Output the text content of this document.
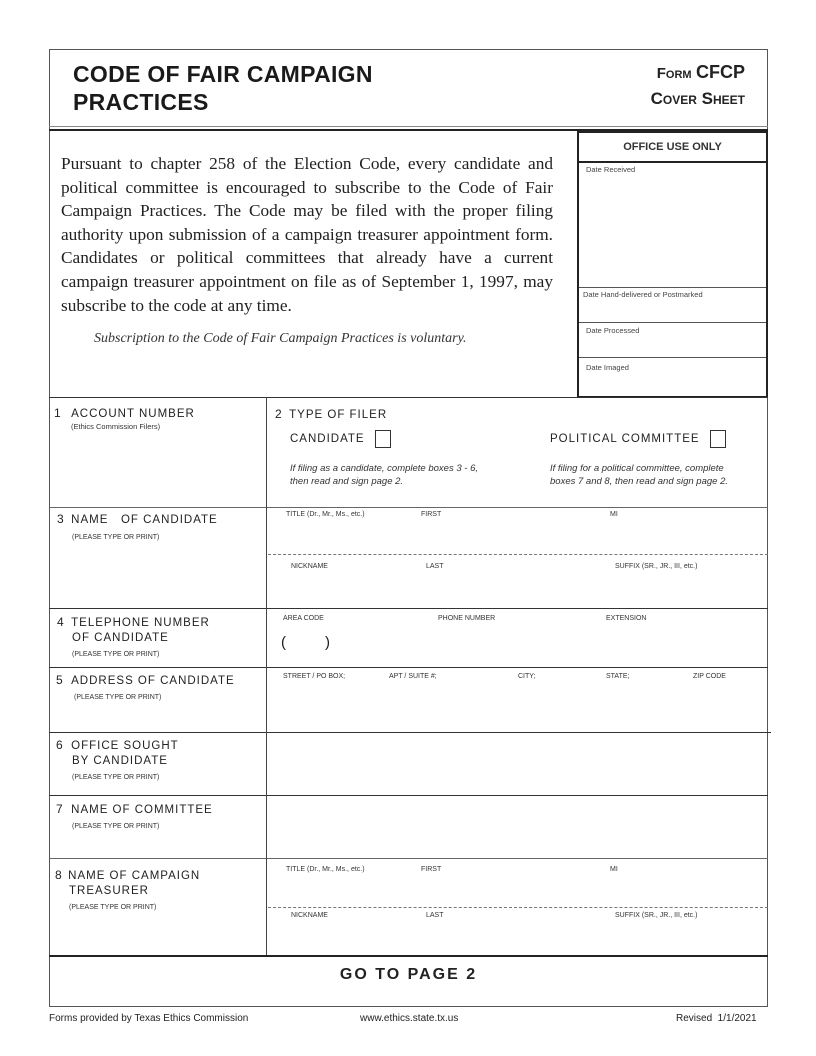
CODE OF FAIR CAMPAIGN
PRACTICES
Form CFCP
Cover Sheet
Pursuant to chapter 258 of the Election Code, every candidate and political committee is encouraged to subscribe to the Code of Fair Campaign Practices. The Code may be filed with the proper filing authority upon submission of a campaign treasurer appointment form. Candidates or political committees that already have a current campaign treasurer appointment on file as of September 1, 1997, may subscribe to the code at any time.
Subscription to the Code of Fair Campaign Practices is voluntary.
OFFICE USE ONLY
Date Received
Date Hand-delivered or Postmarked
Date Processed
Date Imaged
1 ACCOUNT NUMBER
(Ethics Commission Filers)
2 TYPE OF FILER
CANDIDATE	POLITICAL COMMITTEE
If filing as a candidate, complete boxes 3 - 6,
then read and sign page 2.
If filing for a political committee, complete
boxes 7 and 8, then read and sign page 2.
3 NAME   OF CANDIDATE
(PLEASE TYPE OR PRINT)
TITLE (Dr., Mr., Ms., etc.)	FIRST	MI
NICKNAME	LAST	SUFFIX (SR., JR., III, etc.)
4 TELEPHONE NUMBER
OF CANDIDATE
(PLEASE TYPE OR PRINT)
AREA CODE	PHONE NUMBER	EXTENSION
(	)
5 ADDRESS OF CANDIDATE
(PLEASE TYPE OR PRINT)
STREET / PO BOX;	APT / SUITE #;	CITY;	STATE;	ZIP CODE
6 OFFICE SOUGHT
BY CANDIDATE
(PLEASE TYPE OR PRINT)
7 NAME OF COMMITTEE
(PLEASE TYPE OR PRINT)
8 NAME OF CAMPAIGN
TREASURER
(PLEASE TYPE OR PRINT)
TITLE (Dr., Mr., Ms., etc.)	FIRST	MI
NICKNAME	LAST	SUFFIX (SR., JR., III, etc.)
GO TO PAGE 2
Forms provided by Texas Ethics Commission	www.ethics.state.tx.us	Revised  1/1/2021
